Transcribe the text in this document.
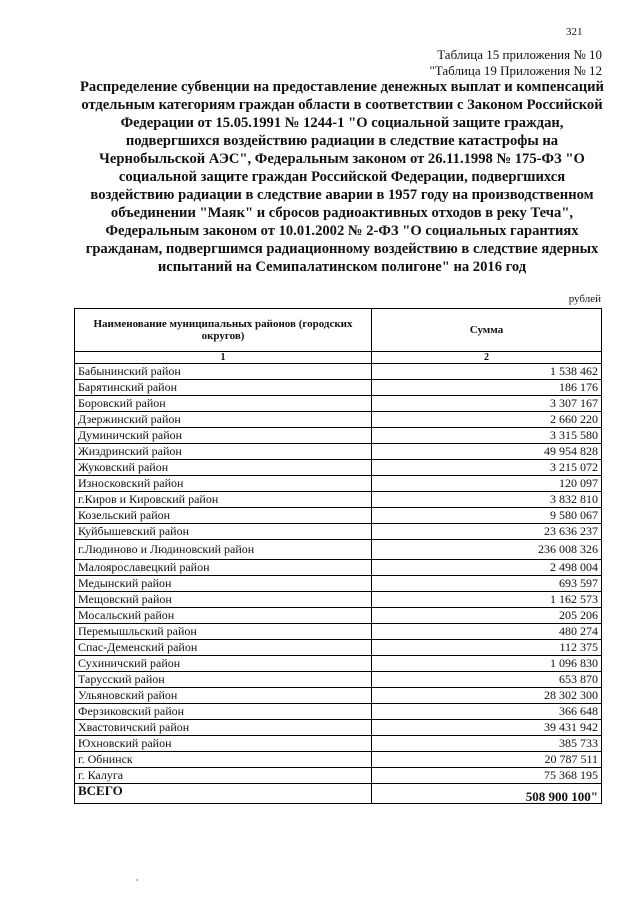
321
Таблица 15 приложения № 10
"Таблица 19 Приложения № 12
Распределение субвенции на предоставление денежных выплат и компенсаций
отдельным категориям граждан области в соответствии с Законом Российской
Федерации от 15.05.1991 № 1244-1 "О социальной защите граждан,
подвергшихся воздействию радиации в следствие катастрофы на
Чернобыльской АЭС", Федеральным законом от 26.11.1998 № 175-ФЗ "О
социальной защите граждан Российской Федерации, подвергшихся
воздействию радиации в следствие аварии в 1957 году на производственном
объединении "Маяк" и сбросов радиоактивных отходов в реку Теча",
Федеральным законом от 10.01.2002 № 2-ФЗ "О социальных гарантиях
гражданам, подвергшимся радиационному воздействию в следствие ядерных
испытаний на Семипалатинском полигоне" на 2016 год
рублей
Наименование муниципальных районов (городских округов)	Сумма
1	2
Бабынинский район	1 538 462
Барятинский район	186 176
Боровский район	3 307 167
Дзержинский район	2 660 220
Думиничский район	3 315 580
Жиздринский район	49 954 828
Жуковский район	3 215 072
Износковский район	120 097
г.Киров и Кировский район	3 832 810
Козельский район	9 580 067
Куйбышевский район	23 636 237
г.Людиново и Людиновский район	236 008 326
Малоярославецкий район	2 498 004
Медынский район	693 597
Мещовский район	1 162 573
Мосальский район	205 206
Перемышльский район	480 274
Спас-Деменский район	112 375
Сухиничский район	1 096 830
Тарусский район	653 870
Ульяновский район	28 302 300
Ферзиковский район	366 648
Хвастовичский район	39 431 942
Юхновский район	385 733
г. Обнинск	20 787 511
г. Калуга	75 368 195
ВСЕГО	508 900 100"
